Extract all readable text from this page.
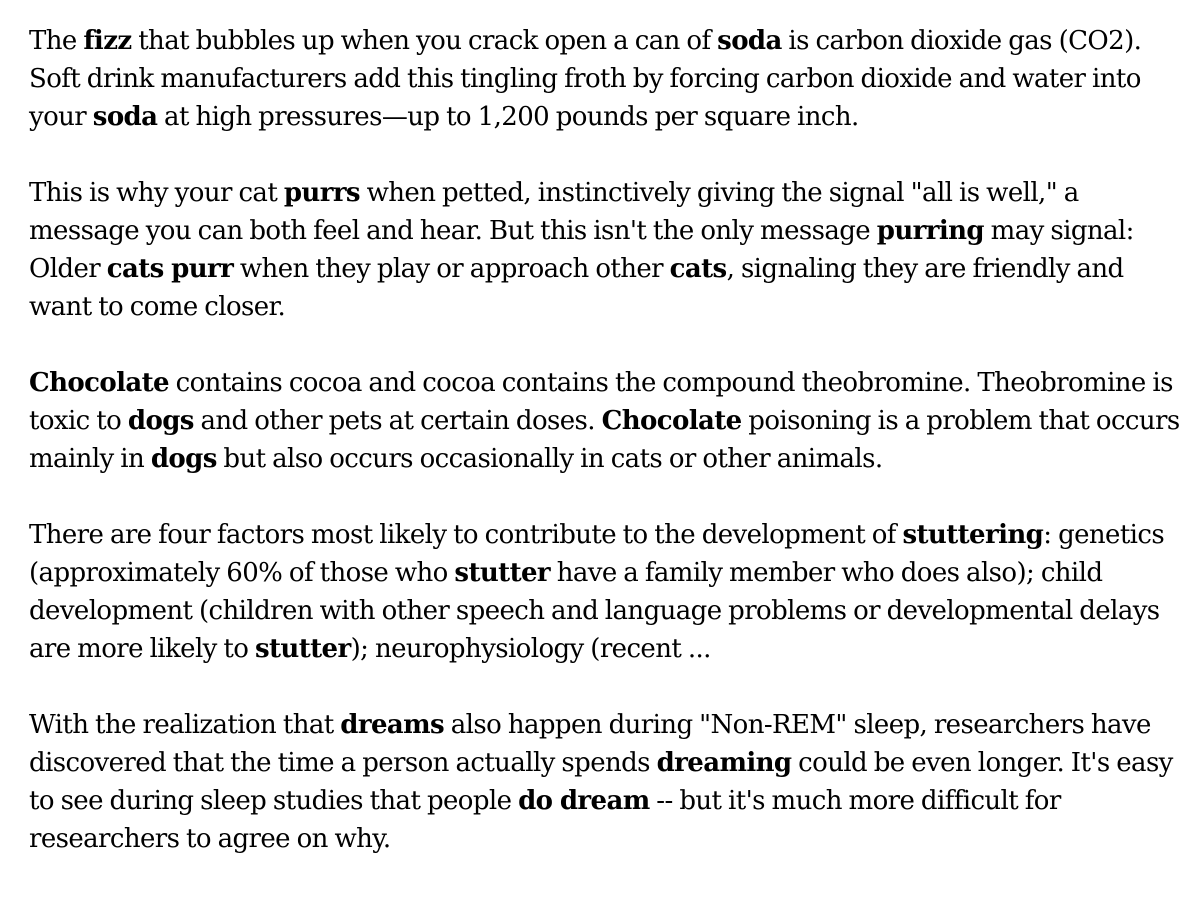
The fizz that bubbles up when you crack open a can of soda is carbon dioxide gas (CO2). Soft drink manufacturers add this tingling froth by forcing carbon dioxide and water into your soda at high pressures—up to 1,200 pounds per square inch.

This is why your cat purrs when petted, instinctively giving the signal "all is well," a message you can both feel and hear. But this isn't the only message purring may signal: Older cats purr when they play or approach other cats, signaling they are friendly and want to come closer.

Chocolate contains cocoa and cocoa contains the compound theobromine. Theobromine is toxic to dogs and other pets at certain doses. Chocolate poisoning is a problem that occurs mainly in dogs but also occurs occasionally in cats or other animals.

There are four factors most likely to contribute to the development of stuttering: genetics (approximately 60% of those who stutter have a family member who does also); child development (children with other speech and language problems or developmental delays are more likely to stutter); neurophysiology (recent ...

With the realization that dreams also happen during "Non-REM" sleep, researchers have discovered that the time a person actually spends dreaming could be even longer. It's easy to see during sleep studies that people do dream -- but it's much more difficult for researchers to agree on why.
